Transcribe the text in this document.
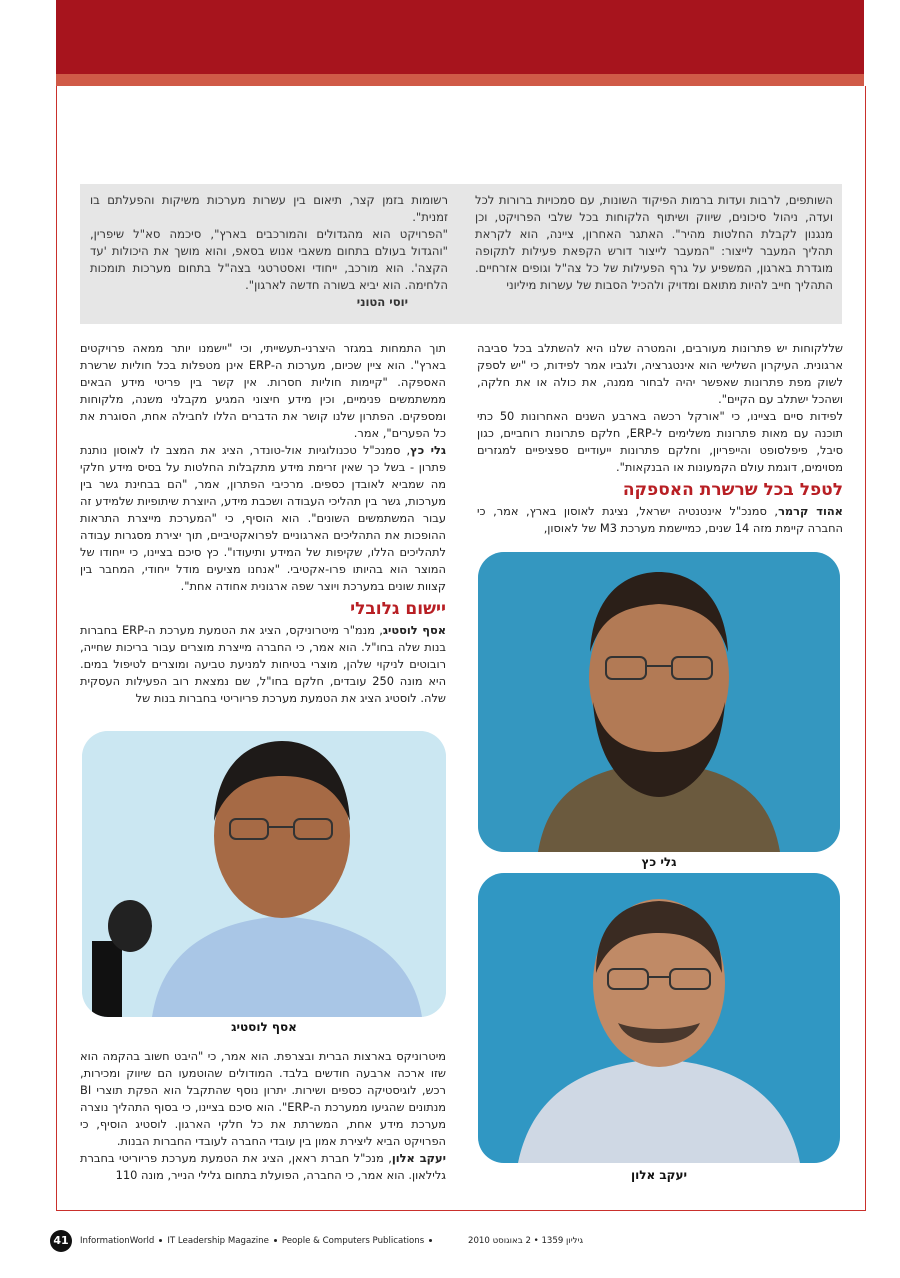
השותפים, לרבות ועדות ברמות הפיקוד השונות, עם סמכויות ברורות לכל ועדה, ניהול סיכונים, שיווק ושיתוף הלקוחות בכל שלבי הפרויקט, וכן מנגנון לקבלת החלטות מהיר". האתגר האחרון, ציינה, הוא לקראת תהליך המעבר לייצור: "המעבר לייצור דורש הקפאת פעילות לתקופה מוגדרת בארגון, המשפיע על גרף הפעילות של כל צה"ל וגופים אזרחיים. התהליך חייב להיות מתואם ומדויק ולהכיל הסבות של עשרות מיליוני
רשומות בזמן קצר, תיאום בין עשרות מערכות משיקות והפעלתם בו זמנית".
"הפרויקט הוא מהגדולים והמורכבים בארץ", סיכמה סא"ל שיפרין, "והגדול בעולם בתחום משאבי אנוש בסאפ, והוא מושך את היכולות 'עד הקצה'. הוא מורכב, ייחודי ואסטרטגי בצה"ל בתחום מערכות תומכות הלחימה. הוא יביא בשורה חדשה לארגון".
יוסי הטוני

שללקוחות יש פתרונות מעורבים, והמטרה שלנו היא להשתלב בכל סביבה ארגונית. העיקרון השלישי הוא אינטגרציה, ולגביו אמר לפידות, כי "יש לספק לשוק מפת פתרונות שאפשר יהיה לבחור ממנה, את כולה או את חלקה, ושהכל ישתלב עם הקיים".

לפידות סיים בציינו, כי "אורקל רכשה בארבע השנים האחרונות 50 כתי תוכנה עם מאות פתרונות משלימים ל-ERP, חלקם פתרונות רוחביים, כגון סיבל, פיפלסופט והייפריון, וחלקם פתרונות ייעודיים ספציפיים למגזרים מסוימים, דוגמת עולם הקמעונות או הבנקאות".

לטפל בכל שרשרת האספקה

אהוד קרמר, סמנכ"ל אינטנטיה ישראל, נציגת לאוסון בארץ, אמר, כי החברה קיימת מזה 14 שנים, כמיישמת מערכת M3 של לאוסון,

תוך התמחות במגזר היצרני-תעשייתי, וכי "יישמנו יותר ממאה פרויקטים בארץ". הוא ציין שכיום, מערכות ה-ERP אינן מטפלות בכל חוליות שרשרת האספקה. "קיימות חוליות חסרות. אין קשר בין פריטי מידע הבאים ממשתמשים פנימיים, וכין מידע חיצוני המגיע מקבלני משנה, מלקוחות ומספקים. הפתרון שלנו קושר את הדברים הללו לחבילה אחת, הסוגרת את כל הפערים", אמר.

גלי כץ, סמנכ"ל טכנולוגיות אול-טונדר, הציג את המצב לו לאוסון נותנת פתרון - בשל כך שאין זרימת מידע מתקבלות החלטות על בסיס מידע חלקי מה שמביא לאובדן כספים. מרכיבי הפתרון, אמר, "הם בבחינת גשר בין מערכות, גשר בין תהליכי העבודה ושכבת מידע, היוצרת שיתופיות שלמידע זה עבור המשתמשים השונים". הוא הוסיף, כי "המערכת מייצרת התראות ההופכות את התהליכים הארגוניים לפרואקטיביים, תוך יצירת מסגרות עבודה לתהליכים הללו, שקיפות של המידע ותיעודו". כץ סיכם בציינו, כי ייחודו של המוצר הוא בהיותו פרו-אקטיבי. "אנחנו מציעים מודל ייחודי, המחבר בין קצוות שונים במערכת ויוצר שפה ארגונית אחודה אחת".

יישום גלובלי

אסף לוסטיג, מנמ"ר מיטרוניקס, הציג את הטמעת מערכת ה-ERP בחברות בנות שלה בחו"ל. הוא אמר, כי החברה מייצרת מוצרים עבור בריכות שחייה, רובוטים לניקוי שלהן, מוצרי בטיחות למניעת טביעה ומוצרים לטיפול במים. היא מונה 250 עובדים, חלקם בחו"ל, שם נמצאת רוב הפעילות העסקית שלה. לוסטיג הציג את הטמעת מערכת פריוריטי בחברות בנות של

גלי כץ
אסף לוסטיג

מיטרוניקס בארצות הברית ובצרפת. הוא אמר, כי "היבט חשוב בהקמה הוא שזו ארכה ארבעה חודשים בלבד. המודולים שהוטמעו הם שיווק ומכירות, רכש, לוגיסטיקה כספים ושירות. יתרון נוסף שהתקבל הוא הפקת תוצרי BI מנתונים שהגיעו ממערכת ה-ERP". הוא סיכם בציינו, כי בסוף התהליך נוצרה מערכת מידע אחת, המשרתת את כל חלקי הארגון. לוסטיג הוסיף, כי הפרויקט הביא ליצירת אמון בין עובדי החברה לעובדי החברות הבנות.

יעקב אלון, מנכ"ל חברת ראאן, הציג את הטמעת מערכת פריוריטי בחברת גלילאון. הוא אמר, כי החברה, הפועלת בתחום גלילי הנייר, מונה 110	יעקב אלון
41	InformationWorld IT Leadership Magazine People & Computers Publications	גיליון 1359 • 2 באוגוסט 2010
